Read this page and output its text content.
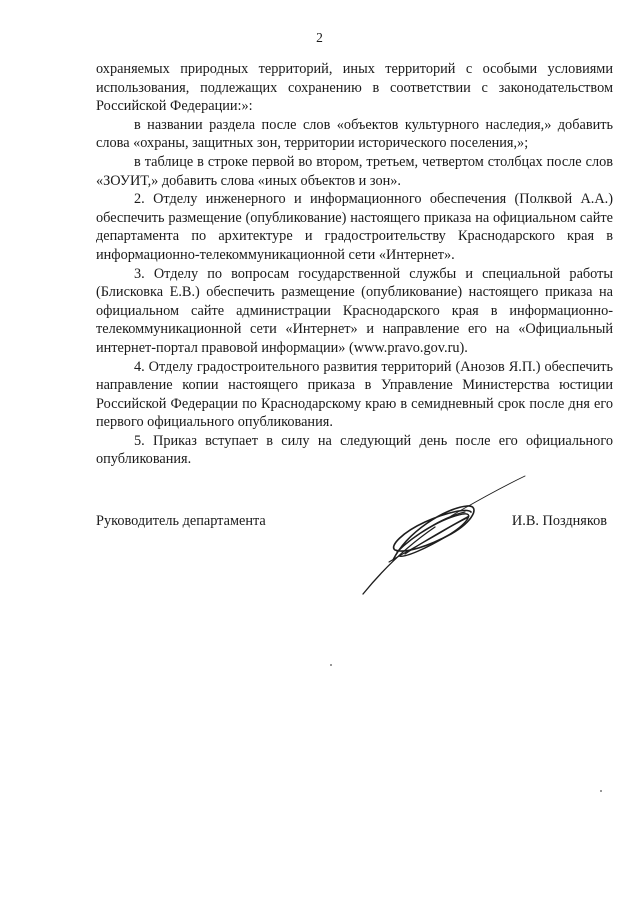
2

охраняемых природных территорий, иных территорий с особыми условиями использования, подлежащих сохранению в соответствии с законодательством Российской Федерации:»:

в названии раздела после слов «объектов культурного наследия,» добавить слова «охраны, защитных зон, территории исторического поселения,»;

в таблице в строке первой во втором, третьем, четвертом столбцах после слов «ЗОУИТ,» добавить слова «иных объектов и зон».

2. Отделу инженерного и информационного обеспечения (Полквой А.А.) обеспечить размещение (опубликование) настоящего приказа на официальном сайте департамента по архитектуре и градостроительству Краснодарского края в информационно-телекоммуникационной сети «Интернет».

3. Отделу по вопросам государственной службы и специальной работы (Блисковка Е.В.) обеспечить размещение (опубликование) настоящего приказа на официальном сайте администрации Краснодарского края в информационно-телекоммуникационной сети «Интернет» и направление его на «Официальный интернет-портал правовой информации» (www.pravo.gov.ru).

4. Отделу градостроительного развития территорий (Анозов Я.П.) обеспечить направление копии настоящего приказа в Управление Министерства юстиции Российской Федерации по Краснодарскому краю в семидневный срок после дня его первого официального опубликования.

5. Приказ вступает в силу на следующий день после его официального опубликования.

Руководитель департамента	И.В. Поздняков
